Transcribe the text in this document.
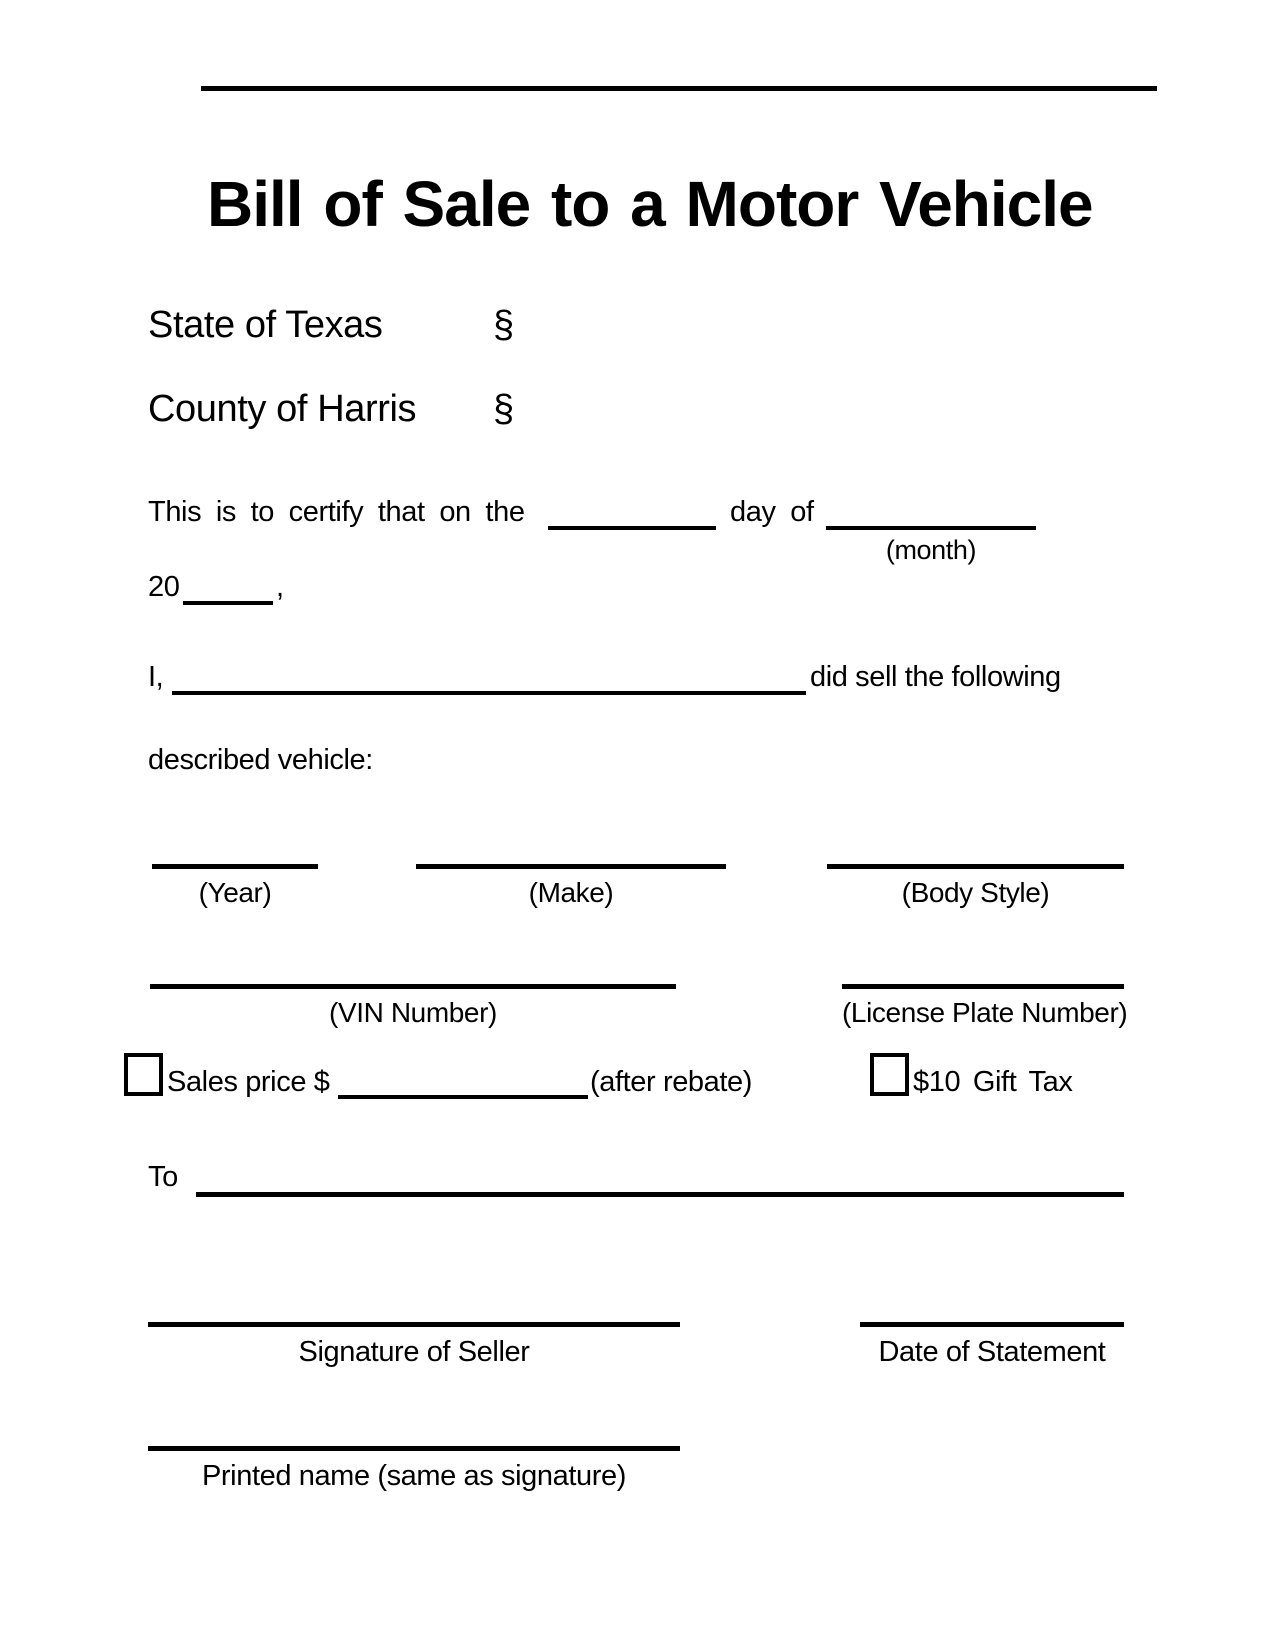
Bill of Sale to a Motor Vehicle
State of Texas	§
County of Harris §
This is to certify that on the	day of
(month)
20	,
I,	did sell the following
described vehicle:
(Year)	(Make)	(Body Style)
(VIN Number)	(License Plate Number)
Sales price $	(after rebate)	$10 Gift Tax
To
Signature of Seller	Date of Statement
Printed name (same as signature)
